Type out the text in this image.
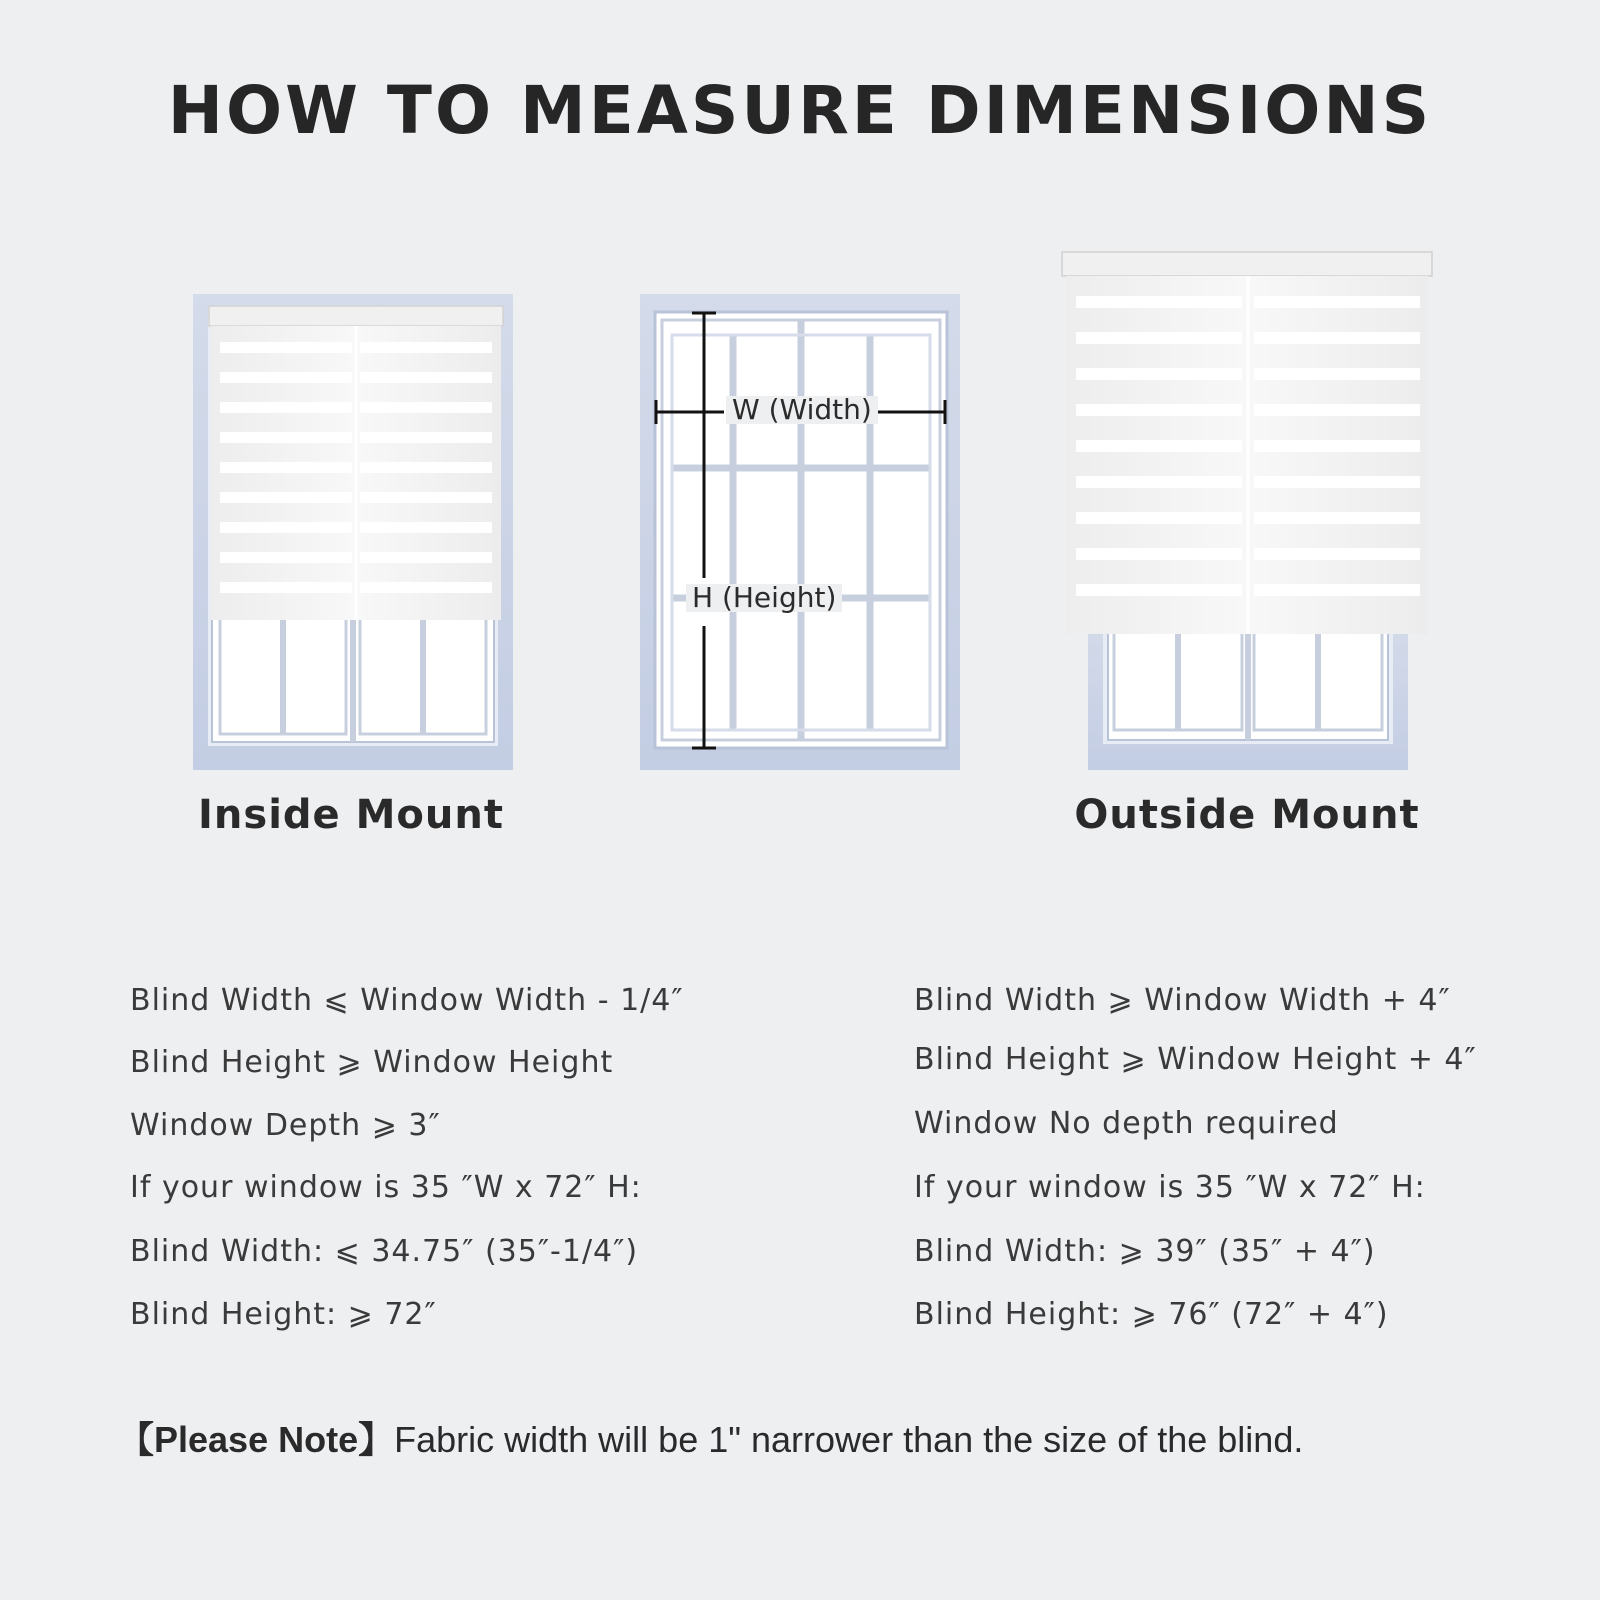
HOW TO MEASURE DIMENSIONS
W (Width)
H (Height)
Inside Mount	Outside Mount
Blind Width ⩽ Window Width - 1/4″
Blind Height ⩾ Window Height
Window Depth ⩾ 3″
If your window is 35 ″W x 72″ H:
Blind Width: ⩽ 34.75″ (35″-1/4″)
Blind Height: ⩾ 72″
Blind Width ⩾ Window Width + 4″
Blind Height ⩾ Window Height + 4″
Window No depth required
If your window is 35 ″W x 72″ H:
Blind Width: ⩾ 39″ (35″ + 4″)
Blind Height: ⩾ 76″ (72″ + 4″)
【Please Note】Fabric width will be 1" narrower than the size of the blind.
